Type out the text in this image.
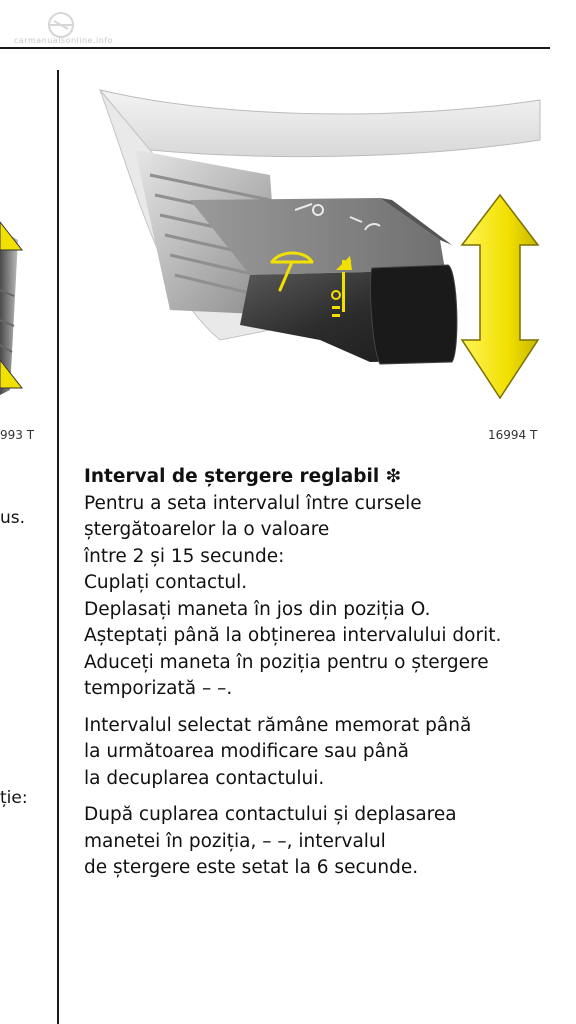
carmanualsonline.info
993 T
us.
ție:
16994 T

Interval de ștergere reglabil ❇
Pentru a seta intervalul între cursele
ștergătoarelor la o valoare
între 2 și 15 secunde:
Cuplați contactul.
Deplasați maneta în jos din poziția O.
Așteptați până la obținerea intervalului dorit.
Aduceți maneta în poziția pentru o ștergere
temporizată – –.

Intervalul selectat rămâne memorat până
la următoarea modificare sau până
la decuplarea contactului.

După cuplarea contactului și deplasarea
manetei în poziția, – –, intervalul
de ștergere este setat la 6 secunde.
